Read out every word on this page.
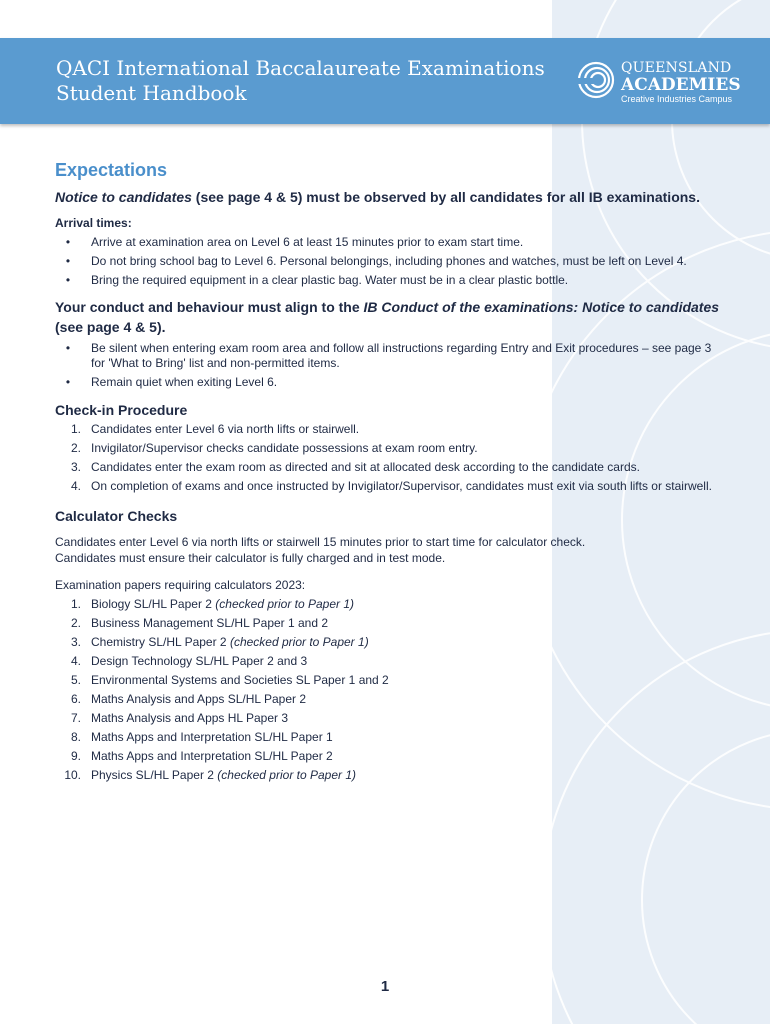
QACI International Baccalaureate Examinations
Student Handbook
QUEENSLAND
ACADEMIES
Creative Industries Campus
Expectations
Notice to candidates (see page 4 & 5) must be observed by all candidates for all IB examinations.
Arrival times:
• Arrive at examination area on Level 6 at least 15 minutes prior to exam start time.
• Do not bring school bag to Level 6. Personal belongings, including phones and watches, must be left on Level 4.
• Bring the required equipment in a clear plastic bag. Water must be in a clear plastic bottle.
Your conduct and behaviour must align to the IB Conduct of the examinations: Notice to candidates (see page 4 & 5).
• Be silent when entering exam room area and follow all instructions regarding Entry and Exit procedures – see page 3 for 'What to Bring' list and non-permitted items.
• Remain quiet when exiting Level 6.
Check-in Procedure
1. Candidates enter Level 6 via north lifts or stairwell.
2. Invigilator/Supervisor checks candidate possessions at exam room entry.
3. Candidates enter the exam room as directed and sit at allocated desk according to the candidate cards.
4. On completion of exams and once instructed by Invigilator/Supervisor, candidates must exit via south lifts or stairwell.
Calculator Checks
Candidates enter Level 6 via north lifts or stairwell 15 minutes prior to start time for calculator check.
Candidates must ensure their calculator is fully charged and in test mode.
Examination papers requiring calculators 2023:
1. Biology SL/HL Paper 2 (checked prior to Paper 1)
2. Business Management SL/HL Paper 1 and 2
3. Chemistry SL/HL Paper 2 (checked prior to Paper 1)
4. Design Technology SL/HL Paper 2 and 3
5. Environmental Systems and Societies SL Paper 1 and 2
6. Maths Analysis and Apps SL/HL Paper 2
7. Maths Analysis and Apps HL Paper 3
8. Maths Apps and Interpretation SL/HL Paper 1
9. Maths Apps and Interpretation SL/HL Paper 2
10. Physics SL/HL Paper 2 (checked prior to Paper 1)
1
